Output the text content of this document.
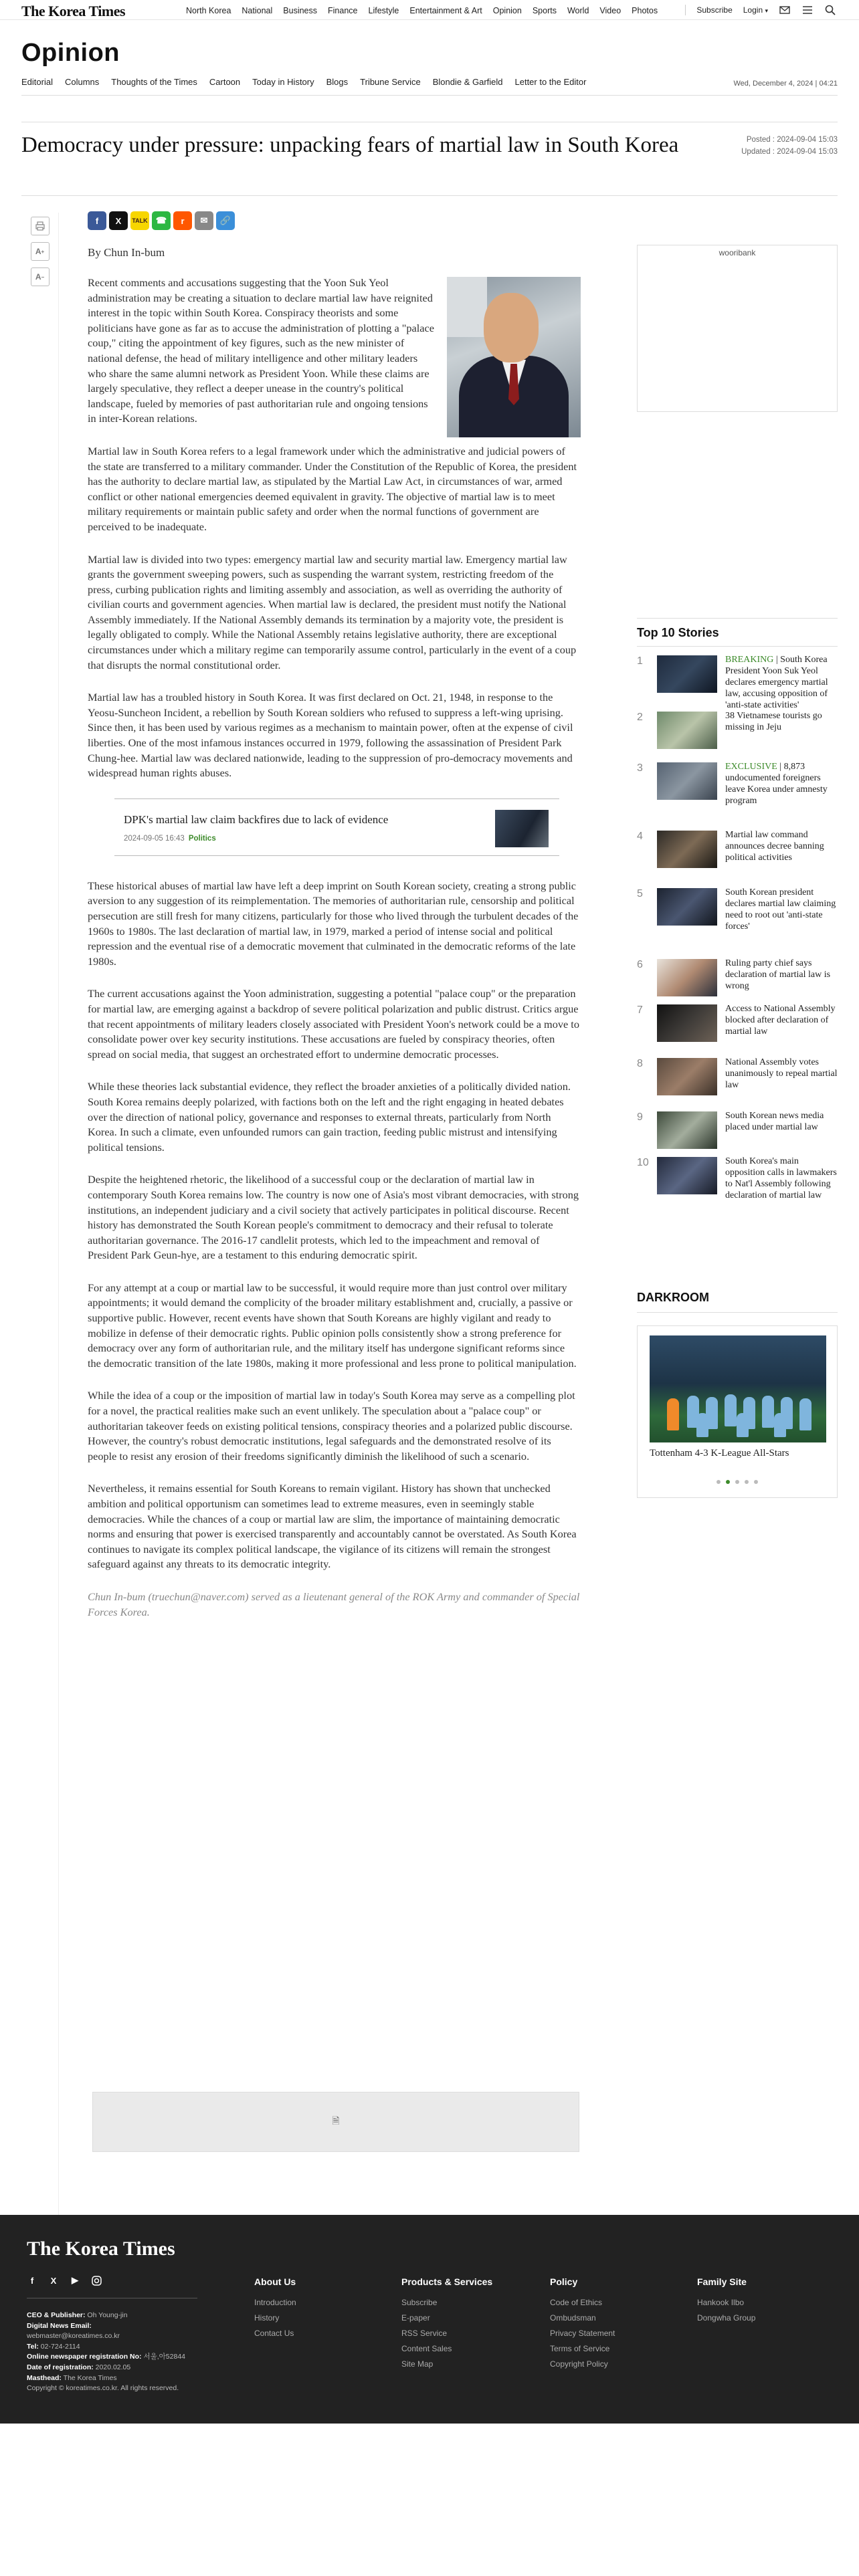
The Korea Times	North Korea National Business Finance Lifestyle Entertainment & Art Opinion Sports World Video Photos	Subscribe Login ▾
Opinion
Editorial Columns Thoughts of the Times Cartoon Today in History Blogs Tribune Service Blondie & Garfield Letter to the Editor	Wed, December 4, 2024 | 04:21
Democracy under pressure: unpacking fears of martial law in South Korea	Posted : 2024-09-04 15:03
Updated : 2024-09-04 15:03
A +
A −
f	X	TALK ☎	r	✉	🔗
By Chun In-bum

Recent comments and accusations suggesting that the Yoon Suk Yeol administration may be creating a situation to declare martial law have reignited interest in the topic within South Korea. Conspiracy theorists and some politicians have gone as far as to accuse the administration of plotting a "palace coup," citing the appointment of key figures, such as the new minister of national defense, the head of military intelligence and other military leaders who share the same alumni network as President Yoon. While these claims are largely speculative, they reflect a deeper unease in the country's political landscape, fueled by memories of past authoritarian rule and ongoing tensions in inter-Korean relations.

Martial law in South Korea refers to a legal framework under which the administrative and judicial powers of the state are transferred to a military commander. Under the Constitution of the Republic of Korea, the president has the authority to declare martial law, as stipulated by the Martial Law Act, in circumstances of war, armed conflict or other national emergencies deemed equivalent in gravity. The objective of martial law is to meet military requirements or maintain public safety and order when the normal functions of government are perceived to be inadequate.

Martial law is divided into two types: emergency martial law and security martial law. Emergency martial law grants the government sweeping powers, such as suspending the warrant system, restricting freedom of the press, curbing publication rights and limiting assembly and association, as well as overriding the authority of civilian courts and government agencies. When martial law is declared, the president must notify the National Assembly immediately. If the National Assembly demands its termination by a majority vote, the president is legally obligated to comply. While the National Assembly retains legislative authority, there are exceptional circumstances under which a military regime can temporarily assume control, particularly in the event of a coup that disrupts the normal constitutional order.

Martial law has a troubled history in South Korea. It was first declared on Oct. 21, 1948, in response to the Yeosu-Suncheon Incident, a rebellion by South Korean soldiers who refused to suppress a left-wing uprising. Since then, it has been used by various regimes as a mechanism to maintain power, often at the expense of civil liberties. One of the most infamous instances occurred in 1979, following the assassination of President Park Chung-hee. Martial law was declared nationwide, leading to the suppression of pro-democracy movements and widespread human rights abuses.

DPK's martial law claim backfires due to lack of evidence
2024-09-05 16:43 Politics

These historical abuses of martial law have left a deep imprint on South Korean society, creating a strong public aversion to any suggestion of its reimplementation. The memories of authoritarian rule, censorship and political persecution are still fresh for many citizens, particularly for those who lived through the turbulent decades of the 1960s to 1980s. The last declaration of martial law, in 1979, marked a period of intense social and political repression and the eventual rise of a democratic movement that culminated in the democratic reforms of the late 1980s.

The current accusations against the Yoon administration, suggesting a potential "palace coup" or the preparation for martial law, are emerging against a backdrop of severe political polarization and public distrust. Critics argue that recent appointments of military leaders closely associated with President Yoon's network could be a move to consolidate power over key security institutions. These accusations are fueled by conspiracy theories, often spread on social media, that suggest an orchestrated effort to undermine democratic processes.

While these theories lack substantial evidence, they reflect the broader anxieties of a politically divided nation. South Korea remains deeply polarized, with factions both on the left and the right engaging in heated debates over the direction of national policy, governance and responses to external threats, particularly from North Korea. In such a climate, even unfounded rumors can gain traction, feeding public mistrust and intensifying political tensions.

Despite the heightened rhetoric, the likelihood of a successful coup or the declaration of martial law in contemporary South Korea remains low. The country is now one of Asia's most vibrant democracies, with strong institutions, an independent judiciary and a civil society that actively participates in political discourse. Recent history has demonstrated the South Korean people's commitment to democracy and their refusal to tolerate authoritarian governance. The 2016-17 candlelit protests, which led to the impeachment and removal of President Park Geun-hye, are a testament to this enduring democratic spirit.

For any attempt at a coup or martial law to be successful, it would require more than just control over military appointments; it would demand the complicity of the broader military establishment and, crucially, a passive or supportive public. However, recent events have shown that South Koreans are highly vigilant and ready to mobilize in defense of their democratic rights. Public opinion polls consistently show a strong preference for democracy over any form of authoritarian rule, and the military itself has undergone significant reforms since the democratic transition of the late 1980s, making it more professional and less prone to political manipulation.

While the idea of a coup or the imposition of martial law in today's South Korea may serve as a compelling plot for a novel, the practical realities make such an event unlikely. The speculation about a "palace coup" or authoritarian takeover feeds on existing political tensions, conspiracy theories and a polarized public discourse. However, the country's robust democratic institutions, legal safeguards and the demonstrated resolve of its people to resist any erosion of their freedoms significantly diminish the likelihood of such a scenario.

Nevertheless, it remains essential for South Koreans to remain vigilant. History has shown that unchecked ambition and political opportunism can sometimes lead to extreme measures, even in seemingly stable democracies. While the chances of a coup or martial law are slim, the importance of maintaining democratic norms and ensuring that power is exercised transparently and accountably cannot be overstated. As South Korea continues to navigate its complex political landscape, the vigilance of its citizens will remain the strongest safeguard against any threats to its democratic integrity.

Chun In-bum (truechun@naver.com) served as a lieutenant general of the ROK Army and commander of Special Forces Korea.

🗎
wooribank
Top 10 Stories
1	BREAKING | South Korea President Yoon Suk Yeol declares emergency martial law, accusing opposition of 'anti-state activities'
2	38 Vietnamese tourists go missing in Jeju
3	EXCLUSIVE | 8,873 undocumented foreigners leave Korea under amnesty program
4	Martial law command announces decree banning political activities
5	South Korean president declares martial law claiming need to root out 'anti-state forces'
6	Ruling party chief says declaration of martial law is wrong
7	Access to National Assembly blocked after declaration of martial law
8	National Assembly votes unanimously to repeal martial law
9	South Korean news media placed under martial law
10	South Korea's main opposition calls in lawmakers to Nat'l Assembly following declaration of martial law
DARKROOM
Tottenham 4-3 K-League All-Stars
The Korea Times
f	X ▶
CEO & Publisher: Oh Young-jin
Digital News Email:
webmaster@koreatimes.co.kr
Tel: 02-724-2114
Online newspaper registration No: 서울,아52844
Date of registration: 2020.02.05
Masthead: The Korea Times
Copyright © koreatimes.co.kr. All rights reserved.
About Us
Introduction
History
Contact Us
Products & Services
Subscribe
E-paper
RSS Service
Content Sales
Site Map
Policy
Code of Ethics
Ombudsman
Privacy Statement
Terms of Service
Copyright Policy
Family Site
Hankook Ilbo
Dongwha Group
